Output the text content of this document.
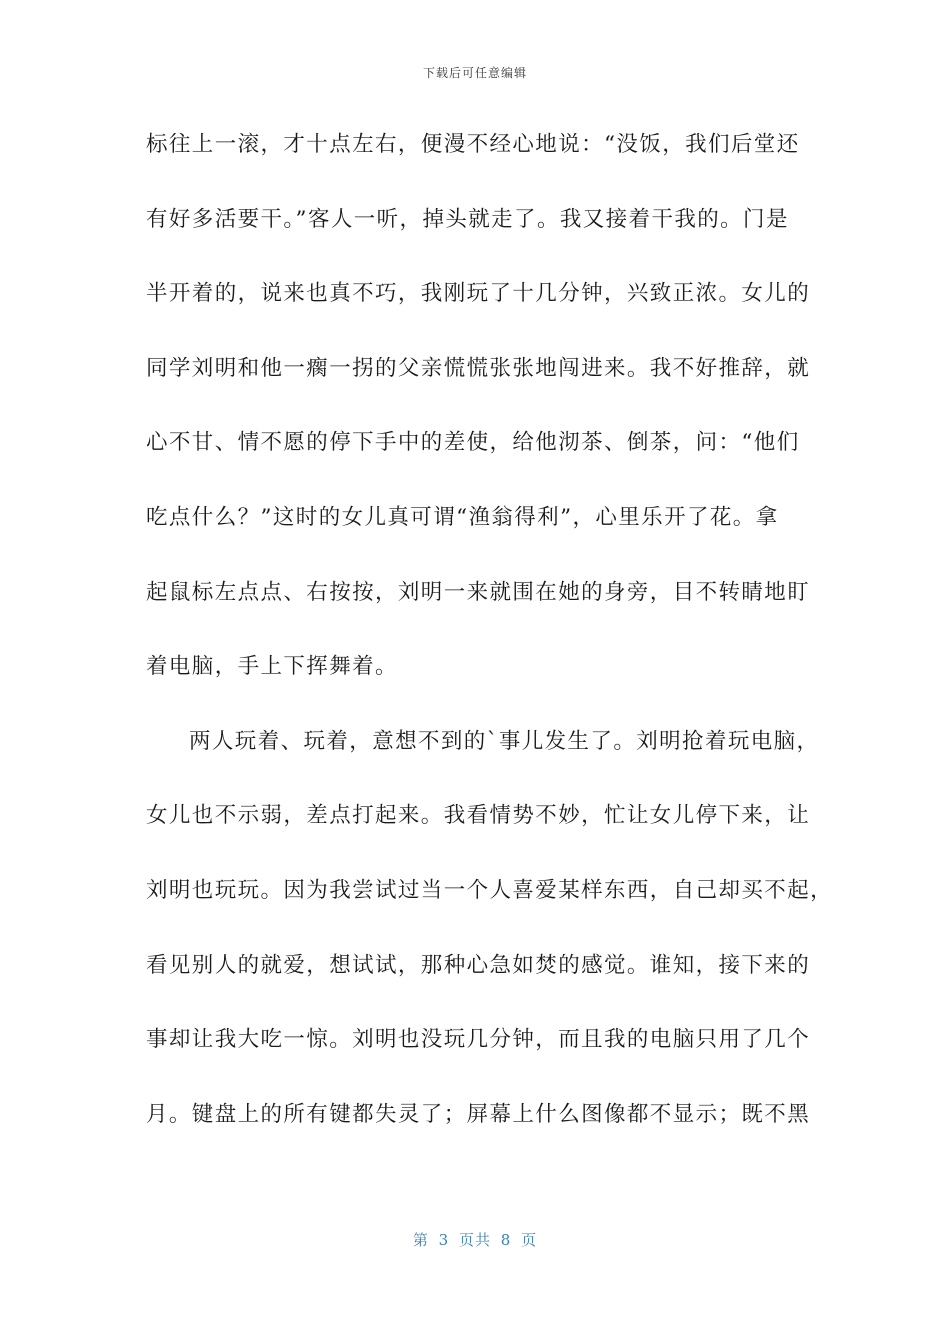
下载后可任意编辑
标往上一滚，才十点左右，便漫不经心地说：“没饭，我们后堂还
有好多活要干。”客人一听，掉头就走了。我又接着干我的。门是
半开着的，说来也真不巧，我刚玩了十几分钟，兴致正浓。女儿的
同学刘明和他一瘸一拐的父亲慌慌张张地闯进来。我不好推辞，就
心不甘、情不愿的停下手中的差使，给他沏茶、倒茶，问：“他们
吃点什么？”这时的女儿真可谓“渔翁得利”，心里乐开了花。拿
起鼠标左点点、右按按，刘明一来就围在她的身旁，目不转睛地盯
着电脑，手上下挥舞着。
两人玩着、玩着，意想不到的`事儿发生了。刘明抢着玩电脑，
女儿也不示弱，差点打起来。我看情势不妙，忙让女儿停下来，让
刘明也玩玩。因为我尝试过当一个人喜爱某样东西，自己却买不起，
看见别人的就爱，想试试，那种心急如焚的感觉。谁知，接下来的
事却让我大吃一惊。刘明也没玩几分钟，而且我的电脑只用了几个
月。键盘上的所有键都失灵了；屏幕上什么图像都不显示；既不黑
第 3 页共 8 页
